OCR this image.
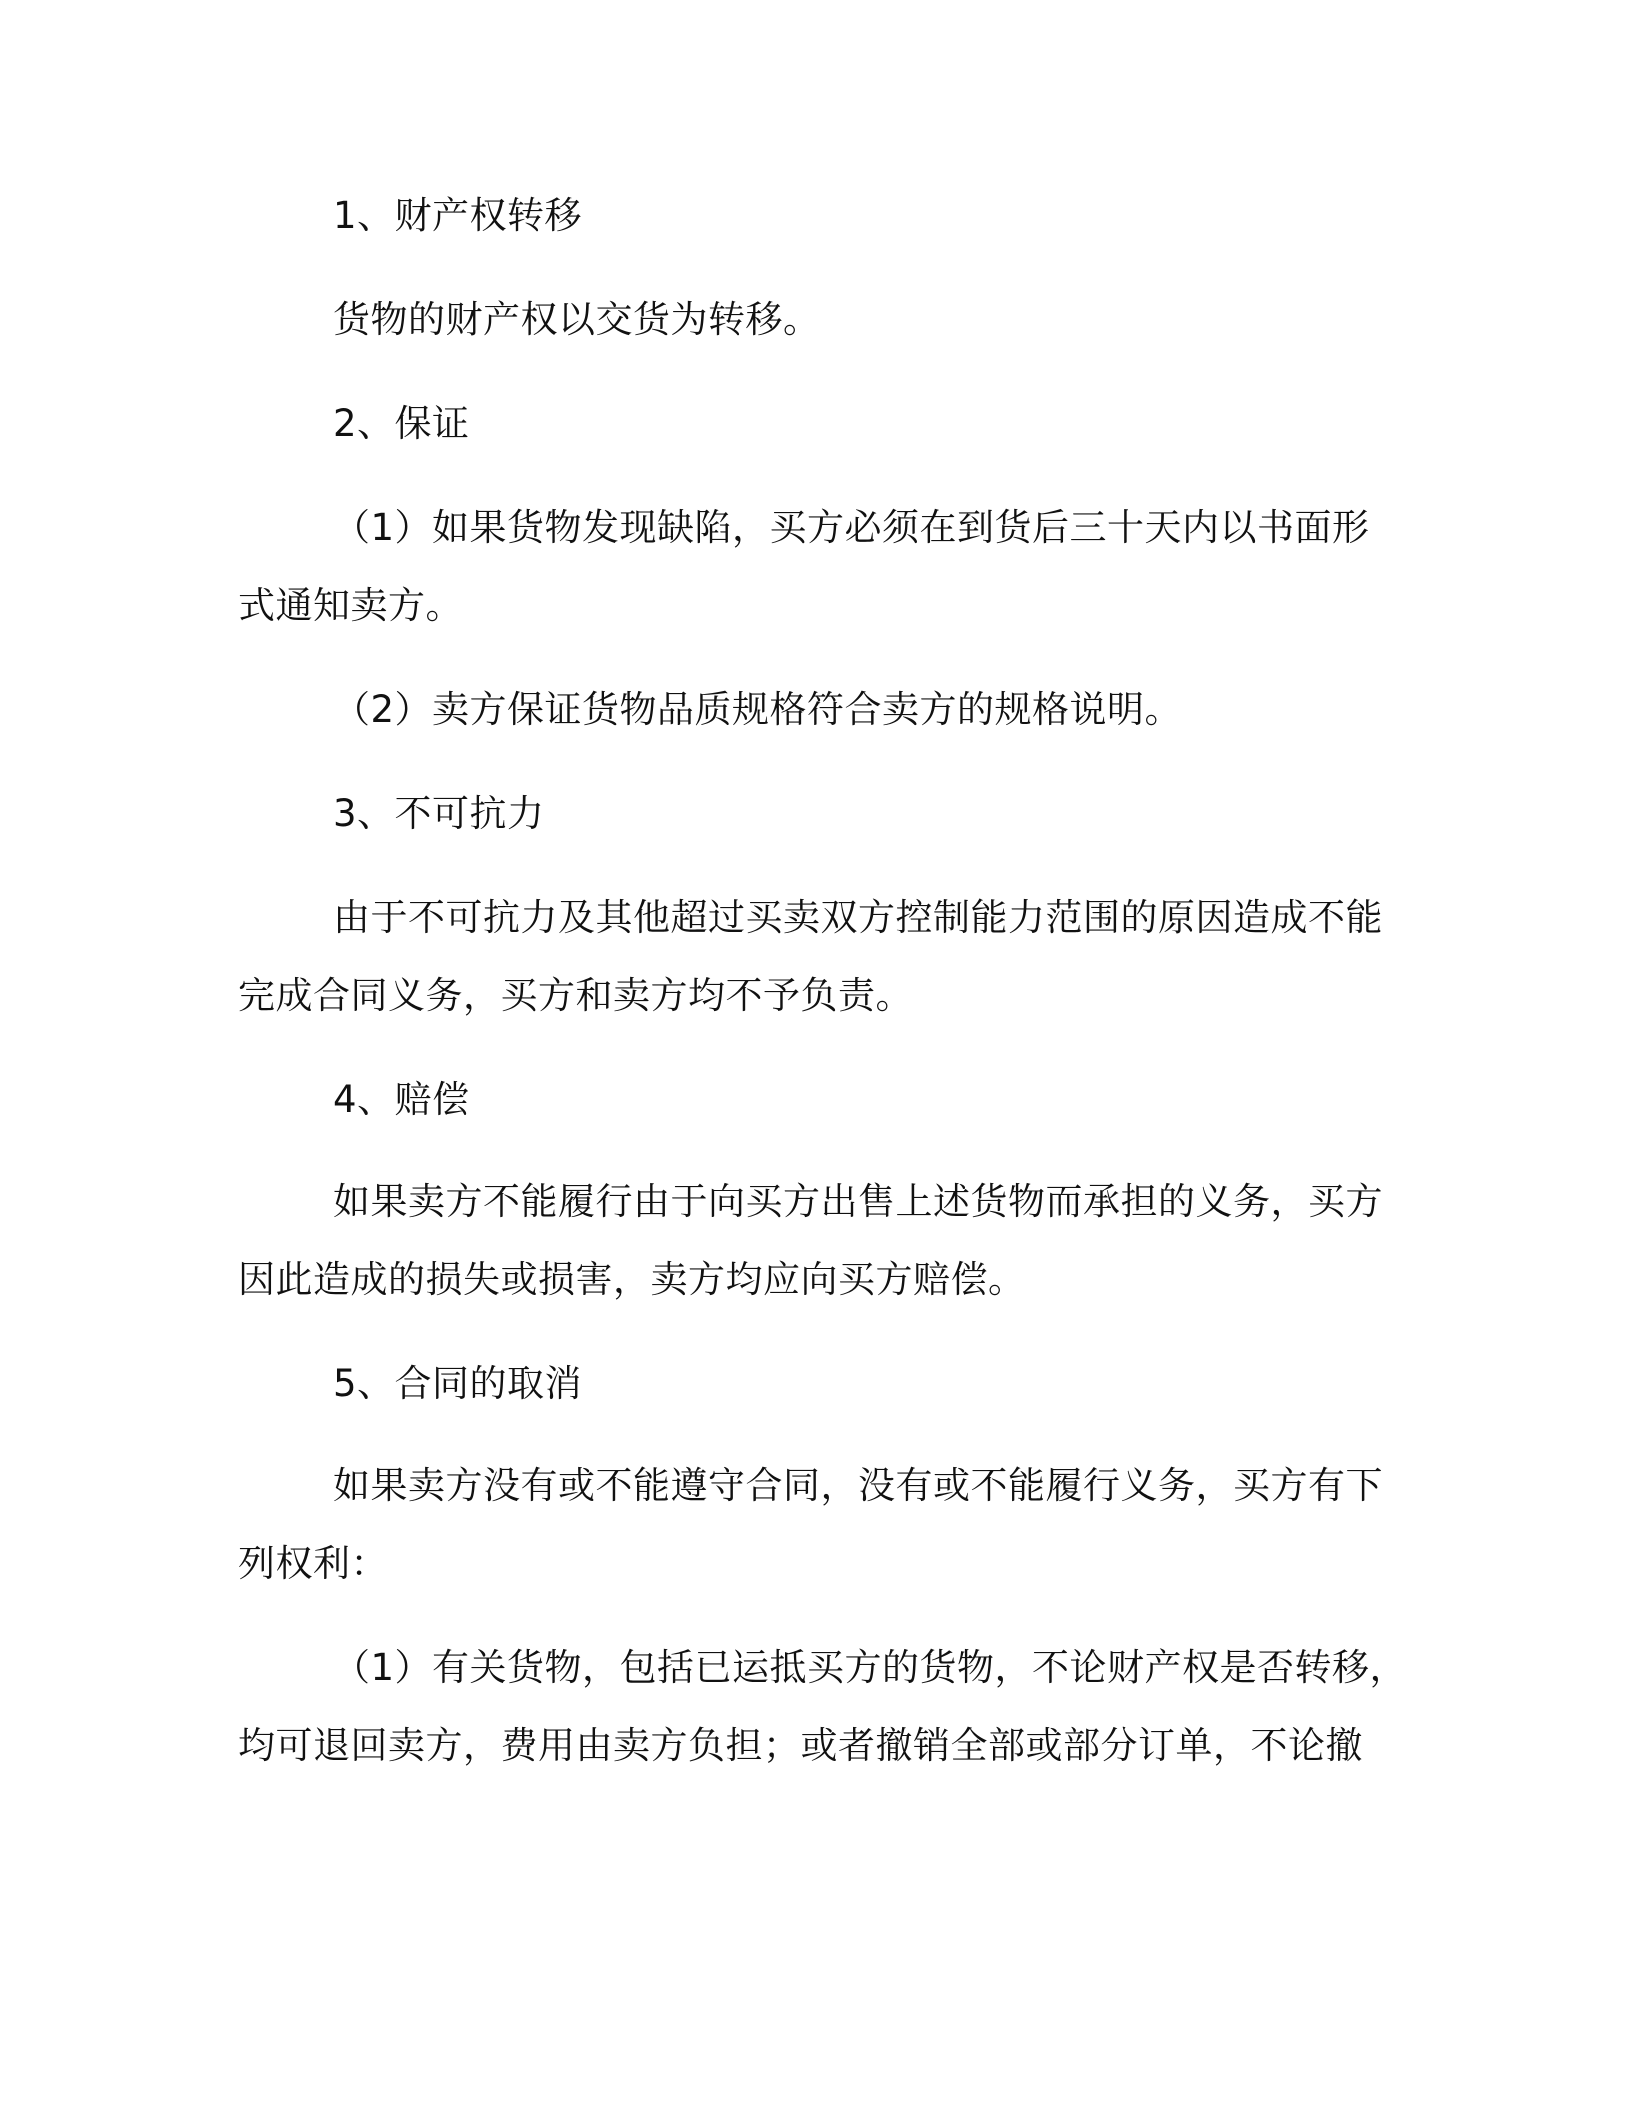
1、财产权转移
货物的财产权以交货为转移。
2、保证
（1）如果货物发现缺陷，买方必须在到货后三十天内以书面形
式通知卖方。
（2）卖方保证货物品质规格符合卖方的规格说明。
3、不可抗力
由于不可抗力及其他超过买卖双方控制能力范围的原因造成不能
完成合同义务，买方和卖方均不予负责。
4、赔偿
如果卖方不能履行由于向买方出售上述货物而承担的义务，买方
因此造成的损失或损害，卖方均应向买方赔偿。
5、合同的取消
如果卖方没有或不能遵守合同，没有或不能履行义务，买方有下
列权利：
（1）有关货物，包括已运抵买方的货物，不论财产权是否转移，
均可退回卖方，费用由卖方负担；或者撤销全部或部分订单，不论撤
